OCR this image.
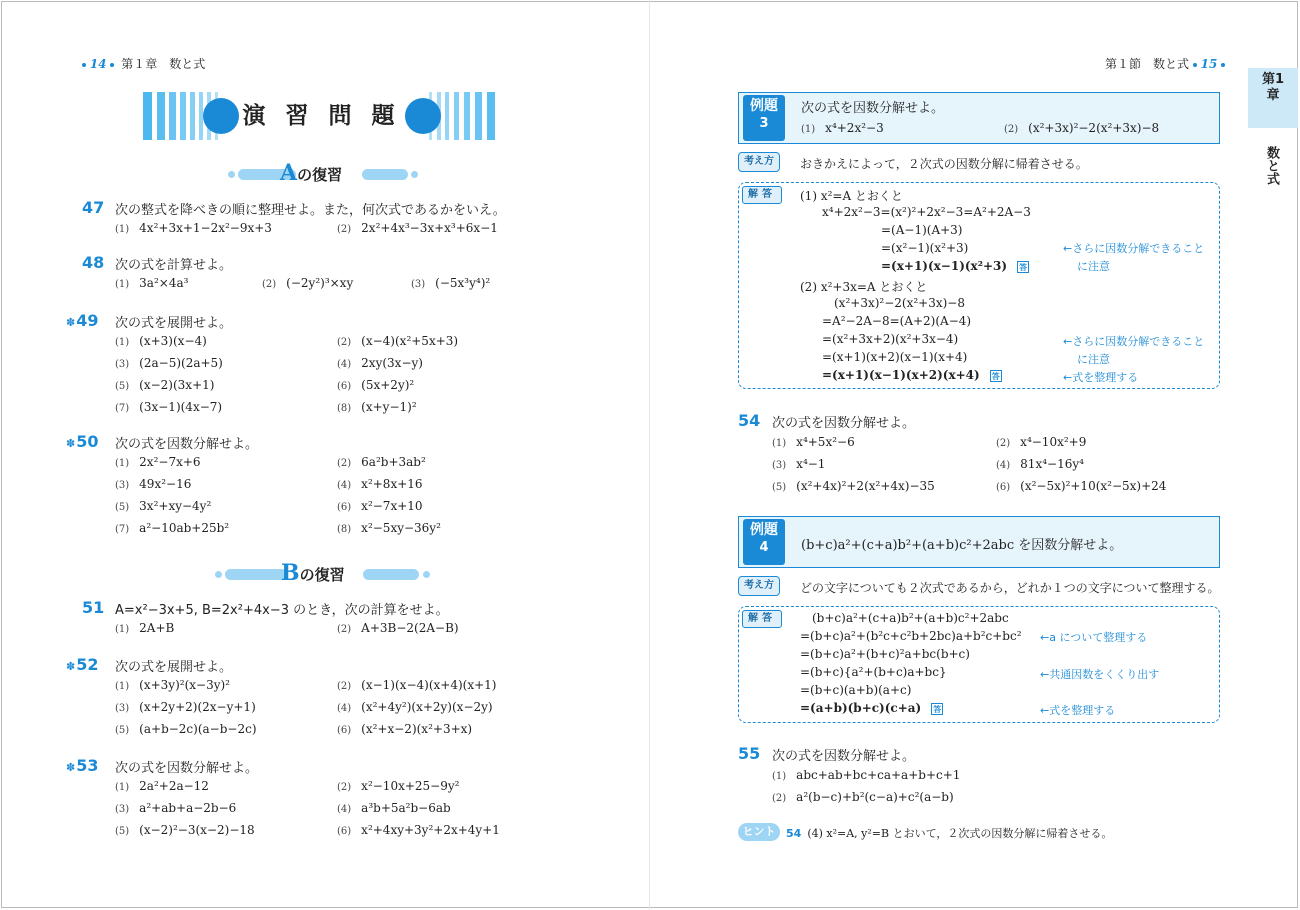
14 第１章　数と式	第１節　数と式 15
第1
章
数と式
演 習 問 題
Aの復習
Bの復習
47 次の整式を降べきの順に整理せよ。また，何次式であるかをいえ。
(1) 4x²+3x+1−2x²−9x+3	(2) 2x²+4x³−3x+x³+6x−1
48 次の式を計算せよ。
(1) 3a²×4a³	(2) (−2y²)³×xy	(3) (−5x³y⁴)²
✽49 次の式を展開せよ。
(1) (x+3)(x−4)	(2) (x−4)(x²+5x+3)
(3) (2a−5)(2a+5)	(4) 2xy(3x−y)
(5) (x−2)(3x+1)	(6) (5x+2y)²
(7) (3x−1)(4x−7)	(8) (x+y−1)²
✽50 次の式を因数分解せよ。
(1) 2x²−7x+6	(2) 6a²b+3ab²
(3) 49x²−16	(4) x²+8x+16
(5) 3x²+xy−4y²	(6) x²−7x+10
(7) a²−10ab+25b²	(8) x²−5xy−36y²
51 A=x²−3x+5, B=2x²+4x−3 のとき，次の計算をせよ。
(1) 2A+B	(2) A+3B−2(2A−B)
✽52 次の式を展開せよ。
(1) (x+3y)²(x−3y)²	(2) (x−1)(x−4)(x+4)(x+1)
(3) (x+2y+2)(2x−y+1)	(4) (x²+4y²)(x+2y)(x−2y)
(5) (a+b−2c)(a−b−2c)	(6) (x²+x−2)(x²+3+x)
✽53 次の式を因数分解せよ。
(1) 2a²+2a−12	(2) x²−10x+25−9y²
(3) a²+ab+a−2b−6	(4) a³b+5a²b−6ab
(5) (x−2)²−3(x−2)−18	(6) x²+4xy+3y²+2x+4y+1
例題
3
次の式を因数分解せよ。
(1) x⁴+2x²−3	(2) (x²+3x)²−2(x²+3x)−8
考え方	おきかえによって，２次式の因数分解に帰着させる。
解答	(1) x²=A とおくと
x⁴+2x²−3=(x²)²+2x²−3=A²+2A−3
=(A−1)(A+3)
=(x²−1)(x²+3)
=(x+1)(x−1)(x²+3) 答
(2) x²+3x=A とおくと
(x²+3x)²−2(x²+3x)−8
=A²−2A−8=(A+2)(A−4)
=(x²+3x+2)(x²+3x−4)
=(x+1)(x+2)(x−1)(x+4)
=(x+1)(x−1)(x+2)(x+4) 答
←さらに因数分解できること
に注意
←さらに因数分解できること
に注意
←式を整理する
54 次の式を因数分解せよ。
(1) x⁴+5x²−6	(2) x⁴−10x²+9
(3) x⁴−1	(4) 81x⁴−16y⁴
(5) (x²+4x)²+2(x²+4x)−35	(6) (x²−5x)²+10(x²−5x)+24
例題
4	(b+c)a²+(c+a)b²+(a+b)c²+2abc を因数分解せよ。
考え方	どの文字についても２次式であるから，どれか１つの文字について整理する。
解答	(b+c)a²+(c+a)b²+(a+b)c²+2abc
=(b+c)a²+(b²c+c²b+2bc)a+b²c+bc²
=(b+c)a²+(b+c)²a+bc(b+c)
=(b+c){a²+(b+c)a+bc}
=(b+c)(a+b)(a+c)
=(a+b)(b+c)(c+a) 答
←a について整理する
←共通因数をくくり出す
←式を整理する
55 次の式を因数分解せよ。
(1) abc+ab+bc+ca+a+b+c+1
(2) a²(b−c)+b²(c−a)+c²(a−b)
ヒント 54 (4) x²=A, y²=B とおいて，２次式の因数分解に帰着させる。
